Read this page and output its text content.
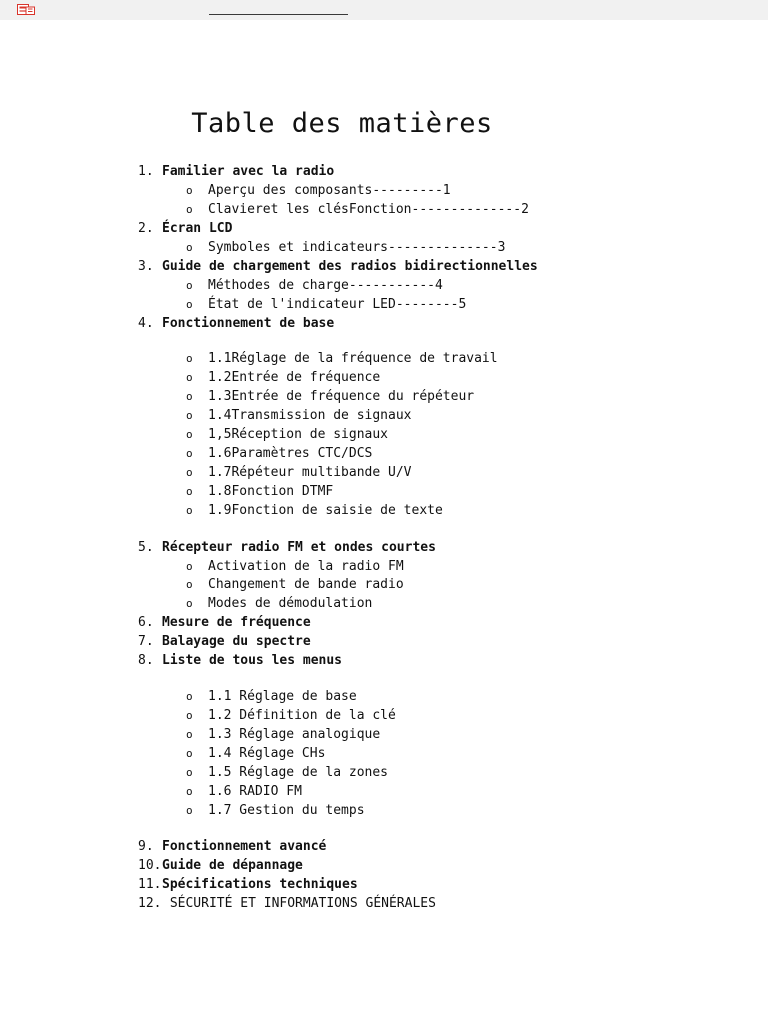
Table des matières
1. Familier avec la radio
o Aperçu des composants---------1
o Clavieret les clésFonction--------------2
2. Écran LCD
o Symboles et indicateurs--------------3
3. Guide de chargement des radios bidirectionnelles
o Méthodes de charge-----------4
o État de l'indicateur LED--------5
4. Fonctionnement de base
o 1.1Réglage de la fréquence de travail
o 1.2Entrée de fréquence
o 1.3Entrée de fréquence du répéteur
o 1.4Transmission de signaux
o 1,5Réception de signaux
o 1.6Paramètres CTC/DCS
o 1.7Répéteur multibande U/V
o 1.8Fonction DTMF
o 1.9Fonction de saisie de texte
5. Récepteur radio FM et ondes courtes
o Activation de la radio FM
o Changement de bande radio
o Modes de démodulation
6. Mesure de fréquence
7. Balayage du spectre
8. Liste de tous les menus
o 1.1 Réglage de base
o 1.2 Définition de la clé
o 1.3 Réglage analogique
o 1.4 Réglage CHs
o 1.5 Réglage de la zones
o 1.6 RADIO FM
o 1.7 Gestion du temps
9. Fonctionnement avancé
10.Guide de dépannage
11.Spécifications techniques
12. SÉCURITÉ ET INFORMATIONS GÉNÉRALES
